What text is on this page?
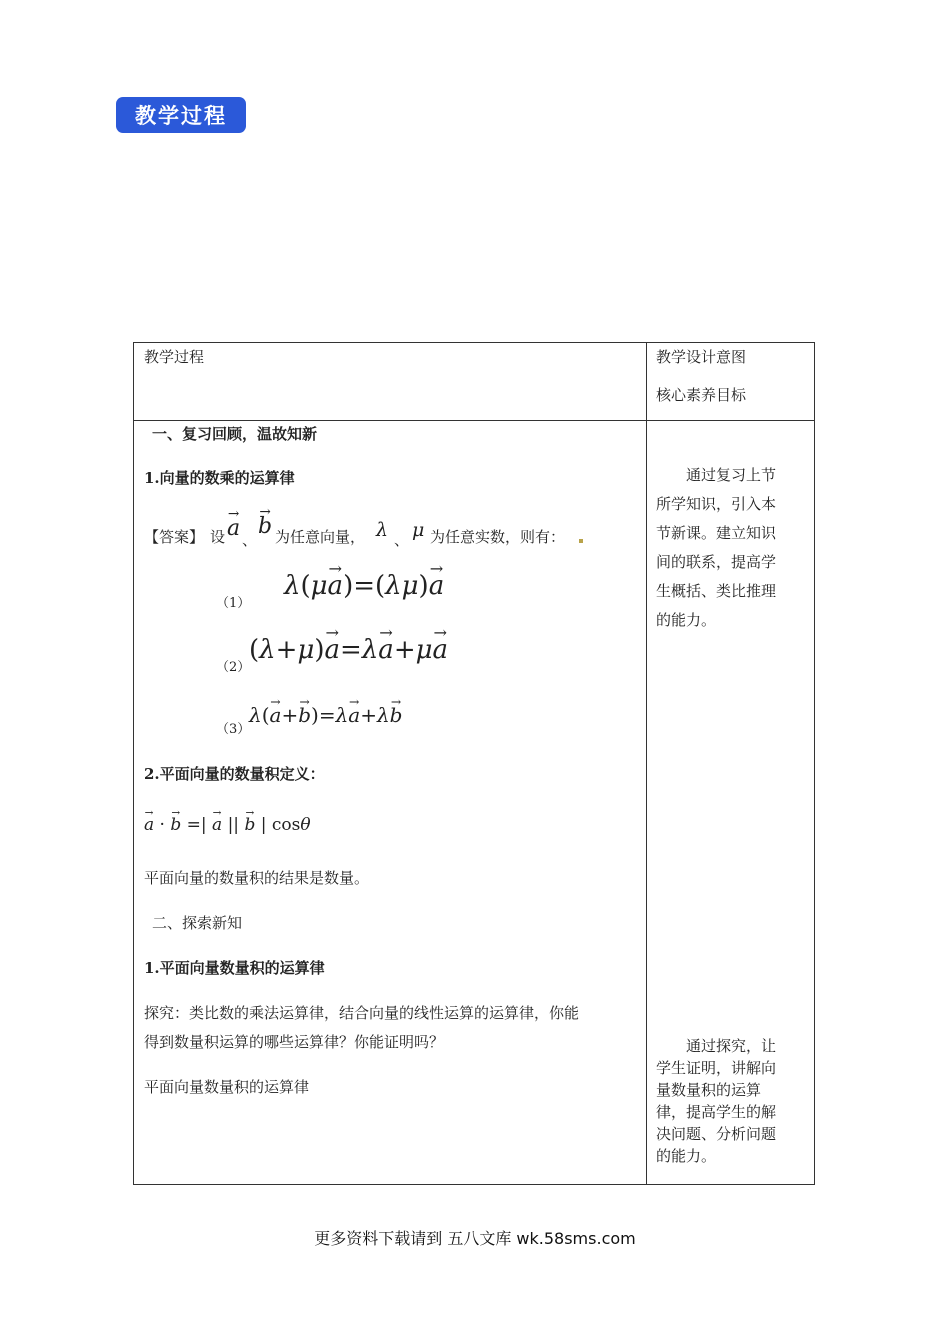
教学过程
教学过程	教学设计意图
核心素养目标
一、复习回顾，温故知新
1.向量的数乘的运算律
【答案】 设
→ a 、
→ b 为任意向量， λ 、 μ 为任意实数，则有：
（1）
λ(μ→ a)=(λμ)→ a
（2）
(λ+μ)→ a=λ→ a+μ→ a
（3）
λ(→ a+→ b)=λ→ a+λ→ b
2.平面向量的数量积定义：
→ a · → b =| → a || → b | cosθ
平面向量的数量积的结果是数量。
二、探索新知
1.平面向量数量积的运算律
探究：类比数的乘法运算律，结合向量的线性运算的运算律，你能
得到数量积运算的哪些运算律？你能证明吗？
平面向量数量积的运算律
　　通过复习上节
所学知识，引入本
节新课。建立知识
间的联系，提高学
生概括、类比推理
的能力。
　　通过探究，让
学生证明，讲解向
量数量积的运算
律，提高学生的解
决问题、分析问题
的能力。
更多资料下载请到 五八文库 wk.58sms.com
